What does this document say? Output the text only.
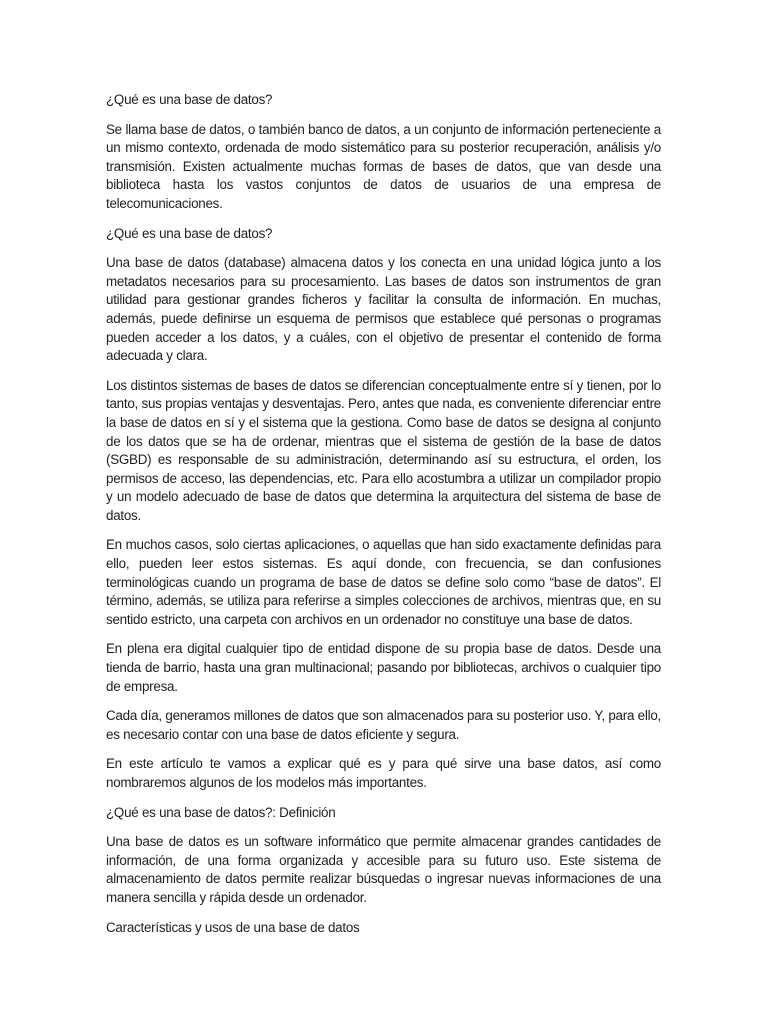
¿Qué es una base de datos?

Se llama base de datos, o también banco de datos, a un conjunto de información perteneciente a un mismo contexto, ordenada de modo sistemático para su posterior recuperación, análisis y/o transmisión. Existen actualmente muchas formas de bases de datos, que van desde una biblioteca hasta los vastos conjuntos de datos de usuarios de una empresa de telecomunicaciones.

¿Qué es una base de datos?

Una base de datos (database) almacena datos y los conecta en una unidad lógica junto a los metadatos necesarios para su procesamiento. Las bases de datos son instrumentos de gran utilidad para gestionar grandes ficheros y facilitar la consulta de información. En muchas, además, puede definirse un esquema de permisos que establece qué personas o programas pueden acceder a los datos, y a cuáles, con el objetivo de presentar el contenido de forma adecuada y clara.

Los distintos sistemas de bases de datos se diferencian conceptualmente entre sí y tienen, por lo tanto, sus propias ventajas y desventajas. Pero, antes que nada, es conveniente diferenciar entre la base de datos en sí y el sistema que la gestiona. Como base de datos se designa al conjunto de los datos que se ha de ordenar, mientras que el sistema de gestión de la base de datos (SGBD) es responsable de su administración, determinando así su estructura, el orden, los permisos de acceso, las dependencias, etc. Para ello acostumbra a utilizar un compilador propio y un modelo adecuado de base de datos que determina la arquitectura del sistema de base de datos.

En muchos casos, solo ciertas aplicaciones, o aquellas que han sido exactamente definidas para ello, pueden leer estos sistemas. Es aquí donde, con frecuencia, se dan confusiones terminológicas cuando un programa de base de datos se define solo como “base de datos”. El término, además, se utiliza para referirse a simples colecciones de archivos, mientras que, en su sentido estricto, una carpeta con archivos en un ordenador no constituye una base de datos.

En plena era digital cualquier tipo de entidad dispone de su propia base de datos. Desde una tienda de barrio, hasta una gran multinacional; pasando por bibliotecas, archivos o cualquier tipo de empresa.

Cada día, generamos millones de datos que son almacenados para su posterior uso. Y, para ello, es necesario contar con una base de datos eficiente y segura.

En este artículo te vamos a explicar qué es y para qué sirve una base datos, así como nombraremos algunos de los modelos más importantes.

¿Qué es una base de datos?: Definición

Una base de datos es un software informático que permite almacenar grandes cantidades de información, de una forma organizada y accesible para su futuro uso. Este sistema de almacenamiento de datos permite realizar búsquedas o ingresar nuevas informaciones de una manera sencilla y rápida desde un ordenador.

Características y usos de una base de datos
